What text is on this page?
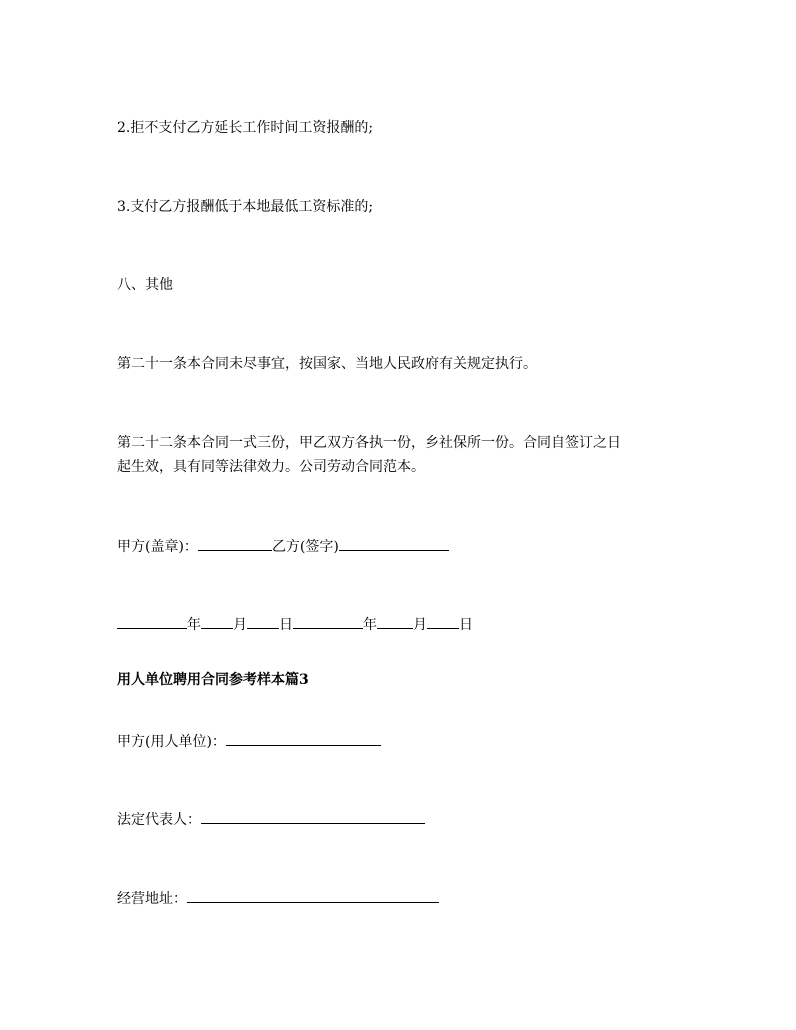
2.拒不支付乙方延长工作时间工资报酬的;

3.支付乙方报酬低于本地最低工资标准的;

八、其他

第二十一条本合同未尽事宜，按国家、当地人民政府有关规定执行。

第二十二条本合同一式三份，甲乙双方各执一份，乡社保所一份。合同自签订之日

起生效，具有同等法律效力。公司劳动合同范本。

甲方(盖章)：	乙方(签字)

年 月 日	年	月 日

用人单位聘用合同参考样本篇3

甲方(用人单位)：

法定代表人：

经营地址：
